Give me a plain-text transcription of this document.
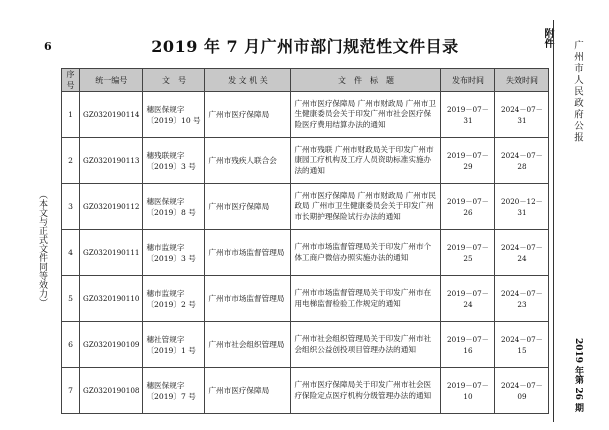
6
（本文与正式文件同等效力）
2019 年 7 月广州市部门规范性文件目录	附件
广州市人民政府公报
2019 年第 26 期
序号	统一编号	文　号	发 文 机 关	文　件　标　题	发布时间	失效时间
1	GZ0320190114	穗医保规字〔2019〕10 号	广州市医疗保障局	广州市医疗保障局 广州市财政局 广州市卫生健康委员会关于印发广州市社会医疗保险医疗费用结算办法的通知	2019－07－31	2024－07－31
2	GZ0320190113	穗残联规字〔2019〕3 号	广州市残疾人联合会	广州市残联 广州市财政局关于印发广州市康园工疗机构及工疗人员资助标准实施办法的通知	2019－07－29	2024－07－28
3	GZ0320190112	穗医保规字〔2019〕8 号	广州市医疗保障局	广州市医疗保障局 广州市财政局 广州市民政局 广州市卫生健康委员会关于印发广州市长期护理保险试行办法的通知	2019－07－26	2020－12－31
4	GZ0320190111	穗市监规字〔2019〕3 号	广州市市场监督管理局	广州市市场监督管理局关于印发广州市个体工商户微信办照实施办法的通知	2019－07－25	2024－07－24
5	GZ0320190110	穗市监规字〔2019〕2 号	广州市市场监督管理局	广州市市场监督管理局关于印发广州市在用电梯监督检验工作规定的通知	2019－07－24	2024－07－23
6	GZ0320190109	穗社管规字〔2019〕1 号	广州市社会组织管理局	广州市社会组织管理局关于印发广州市社会组织公益创投项目管理办法的通知	2019－07－16	2024－07－15
7	GZ0320190108	穗医保规字〔2019〕7 号	广州市医疗保障局	广州市医疗保障局关于印发广州市社会医疗保险定点医疗机构分级管理办法的通知	2019－07－10	2024－07－09
